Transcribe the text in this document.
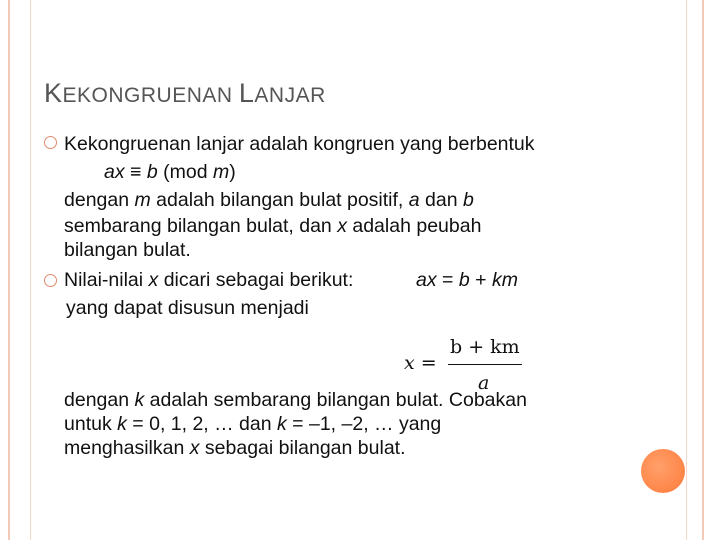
KEKONGRUENAN LANJAR
Kekongruenan lanjar adalah kongruen yang berbentuk
ax ≡ b (mod m)
dengan m adalah bilangan bulat positif, a dan b
sembarang bilangan bulat, dan x adalah peubah
bilangan bulat.
Nilai-nilai x dicari sebagai berikut:	ax = b + km
yang dapat disusun menjadi
dengan k adalah sembarang bilangan bulat. Cobakan
untuk k = 0, 1, 2, … dan k = –1, –2, … yang
menghasilkan x sebagai bilangan bulat.
x =
b + km
a
